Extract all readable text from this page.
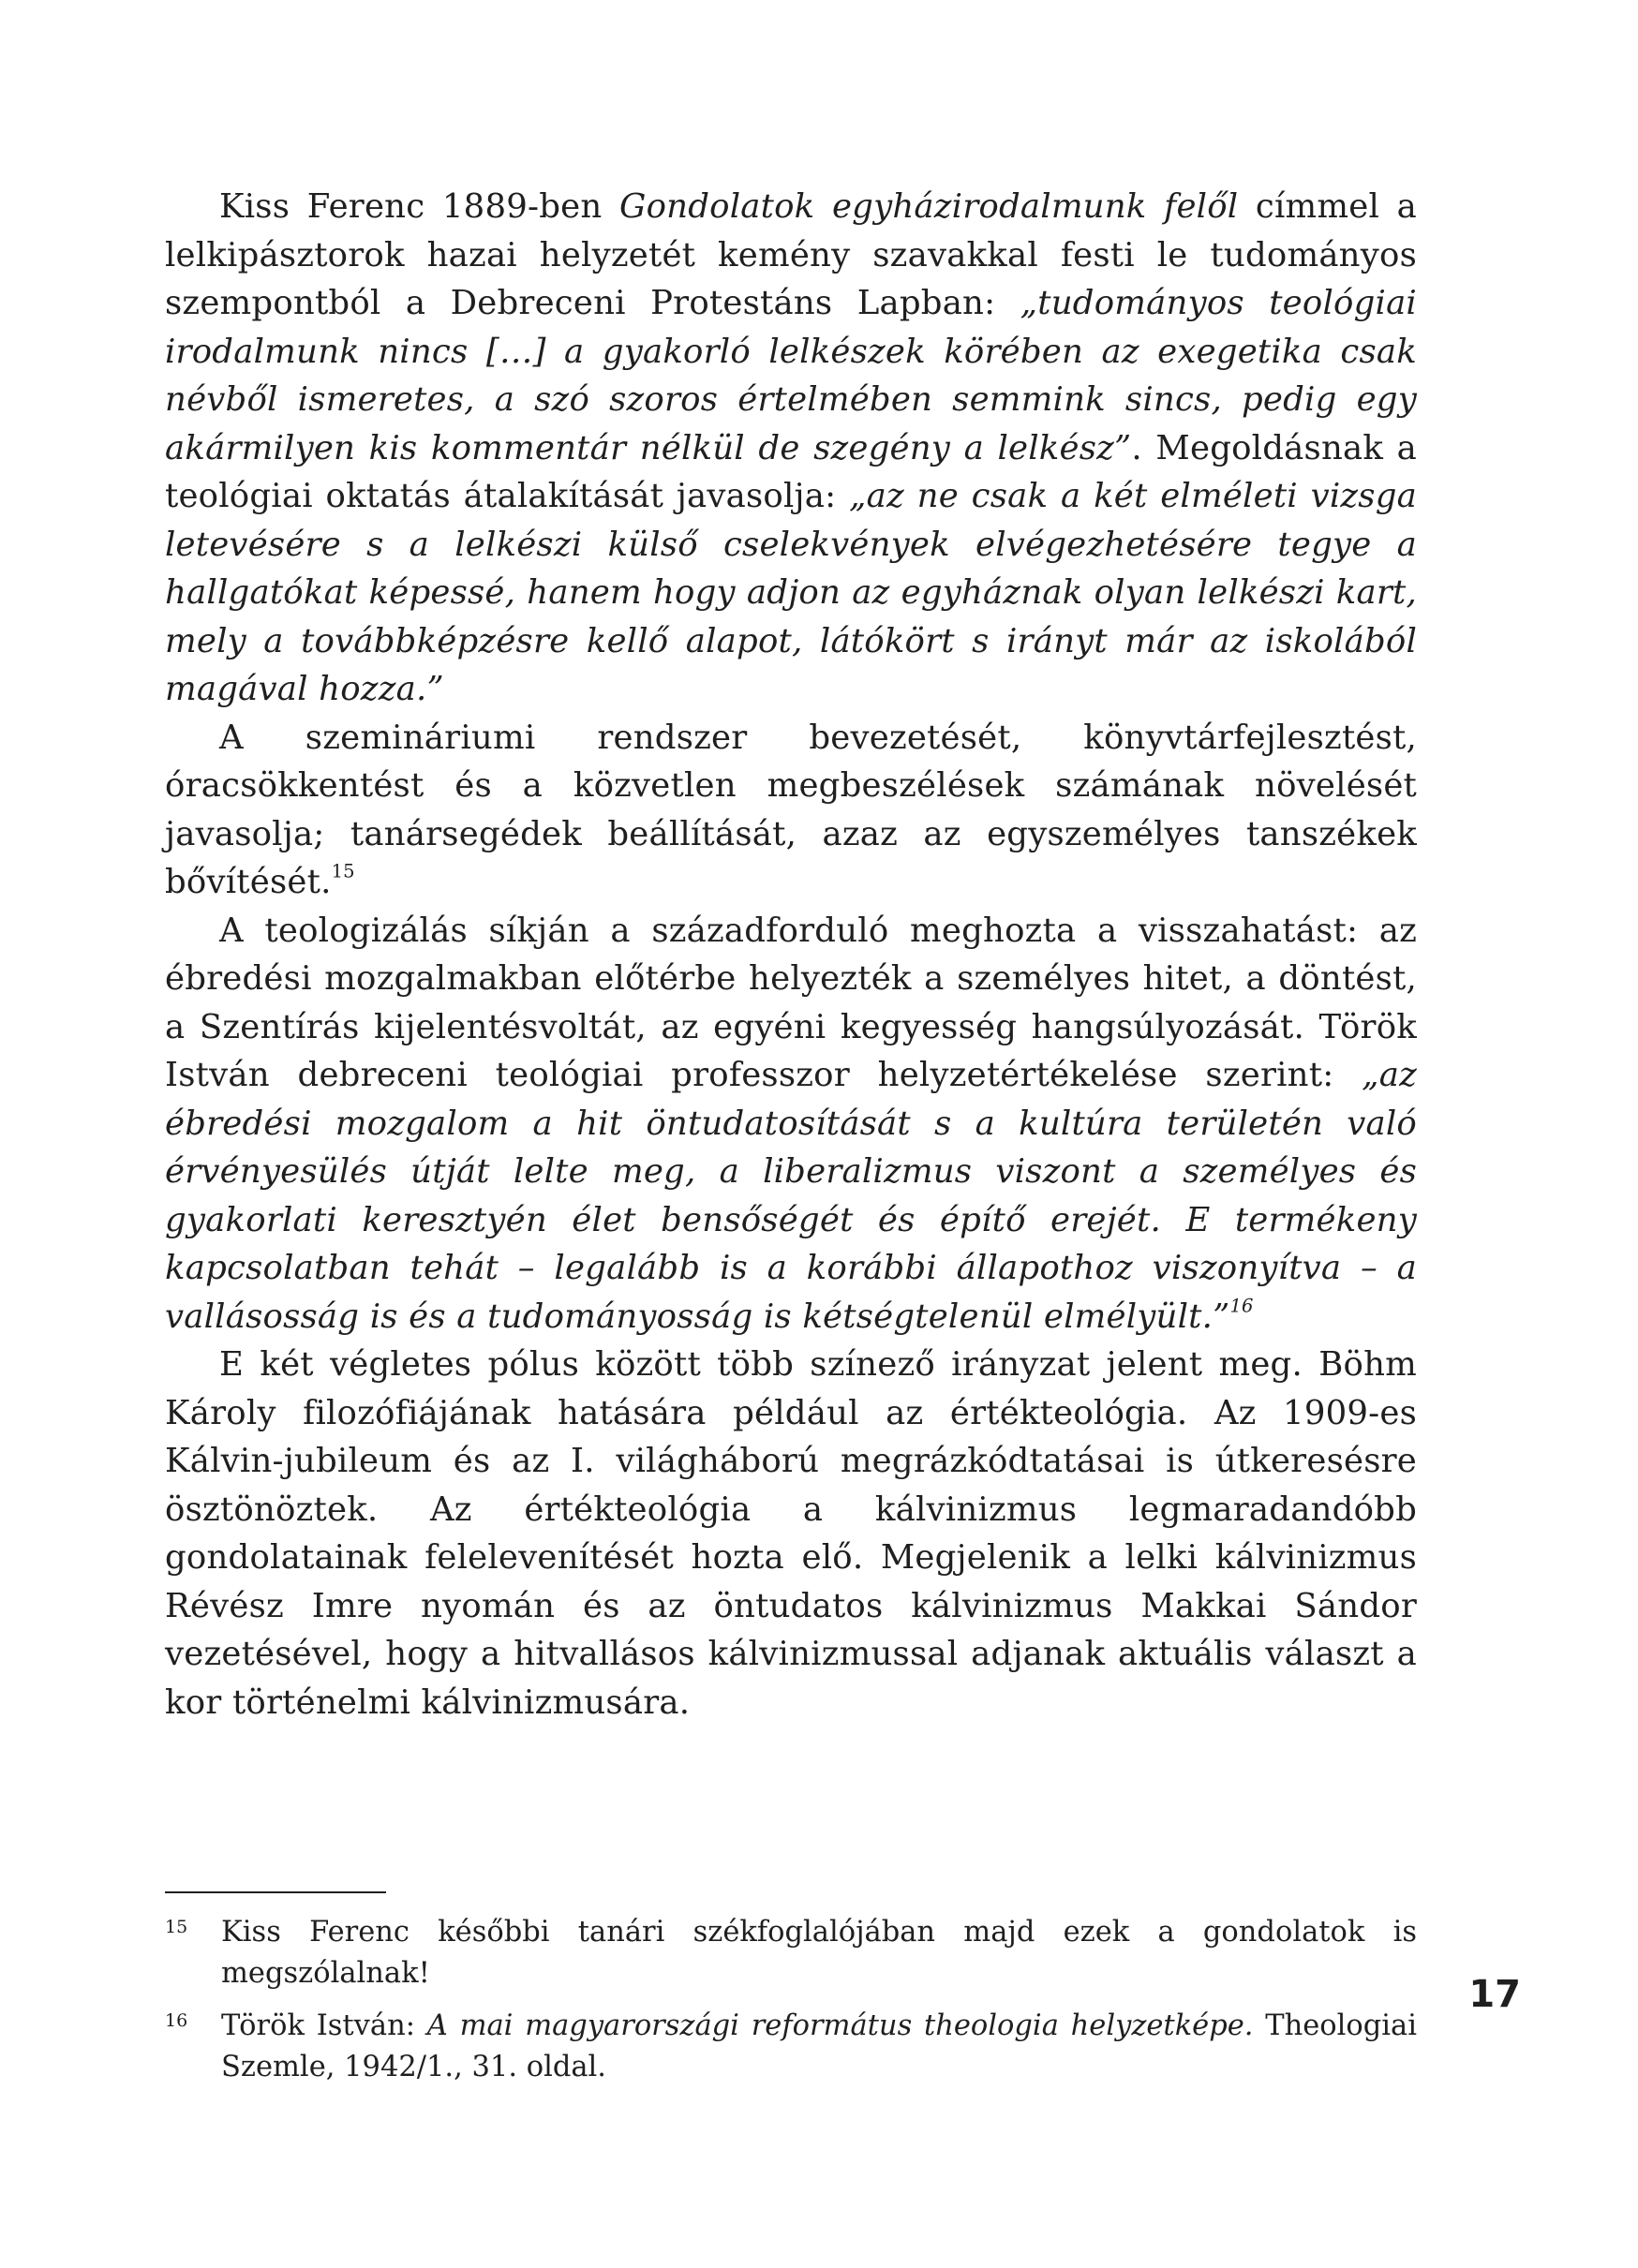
Kiss Ferenc 1889-ben Gondolatok egyházirodalmunk felől címmel a lelkipásztorok hazai helyzetét kemény szavakkal festi le tudományos szempontból a Debreceni Protestáns Lapban: „tudományos teológiai irodalmunk nincs […] a gyakorló lelkészek körében az exegetika csak névből ismeretes, a szó szoros értelmében semmink sincs, pedig egy akármilyen kis kommentár nélkül de szegény a lelkész”. Megoldásnak a teológiai oktatás átalakítását javasolja: „az ne csak a két elméleti vizsga letevésére s a lelkészi külső cselekvények elvégezhetésére tegye a hallgatókat képessé, hanem hogy adjon az egyháznak olyan lelkészi kart, mely a továbbképzésre kellő alapot, látókört s irányt már az iskolából magával hozza.”

A szemináriumi rendszer bevezetését, könyvtárfejlesztést, óracsökkentést és a közvetlen megbeszélések számának növelését javasolja; tanársegédek beállítását, azaz az egyszemélyes tanszékek bővítését.$^{15}$

A teologizálás síkján a századforduló meghozta a visszahatást: az ébredési mozgalmakban előtérbe helyezték a személyes hitet, a döntést, a Szentírás kijelentésvoltát, az egyéni kegyesség hangsúlyozását. Török István debreceni teológiai professzor helyzetértékelése szerint: „az ébredési mozgalom a hit öntudatosítását s a kultúra területén való érvényesülés útját lelte meg, a liberalizmus viszont a személyes és gyakorlati keresztyén élet bensőségét és építő erejét. E termékeny kapcsolatban tehát – legalább is a korábbi állapothoz viszonyítva – a vallásosság is és a tudományosság is kétségtelenül elmélyült.”$^{16}$

E két végletes pólus között több színező irányzat jelent meg. Böhm Károly filozófiájának hatására például az értékteológia. Az 1909-es Kálvin-jubileum és az I. világháború megrázkódtatásai is útkeresésre ösztönöztek. Az értékteológia a kálvinizmus legmaradandóbb gondolatainak felelevenítését hozta elő. Megjelenik a lelki kálvinizmus Révész Imre nyomán és az öntudatos kálvinizmus Makkai Sándor vezetésével, hogy a hitvallásos kálvinizmussal adjanak aktuális választ a kor történelmi kálvinizmusára.

15 Kiss Ferenc későbbi tanári székfoglalójában majd ezek a gondolatok is megszólalnak!
16 Török István: A mai magyarországi református theologia helyzetképe. Theologiai Szemle, 1942/1., 31. oldal.
17
